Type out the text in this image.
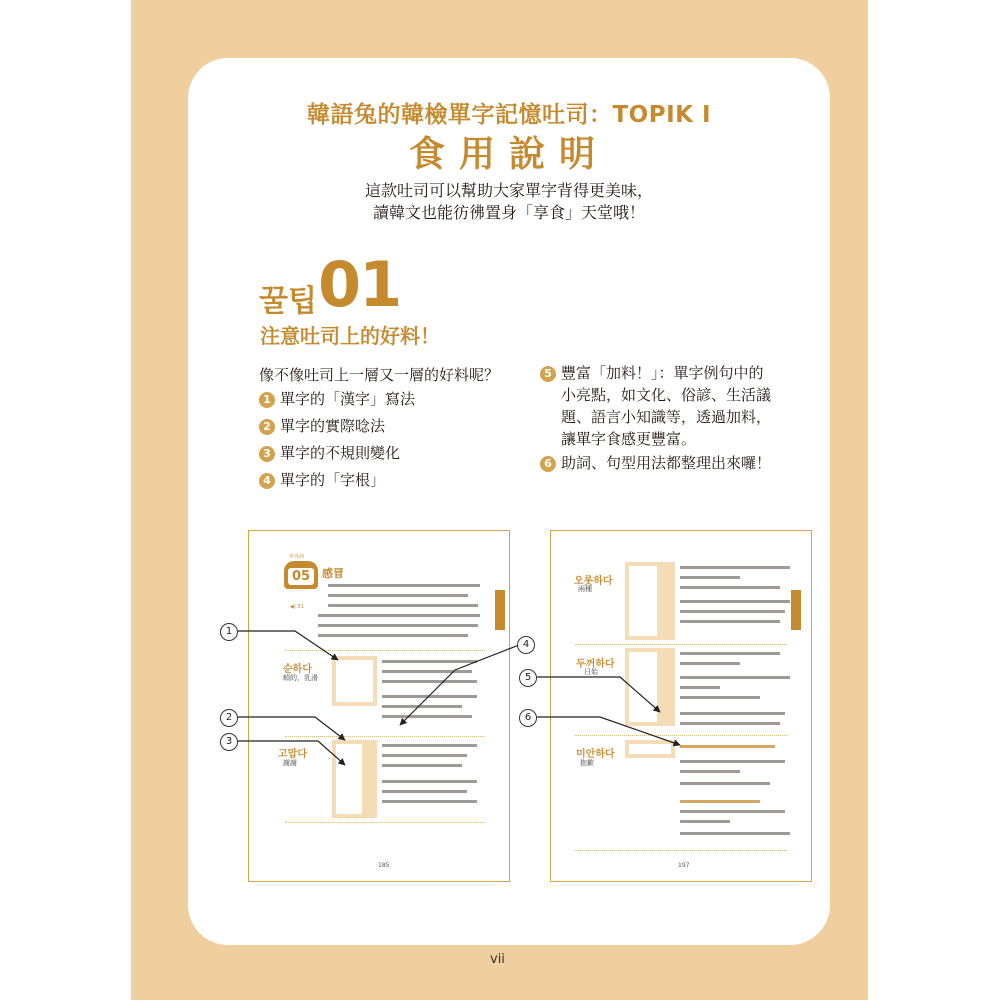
韓語兔的韓檢單字記憶吐司：TOPIK I
食用說明
這款吐司可以幫助大家單字背得更美味，
讀韓文也能彷彿置身「享食」天堂哦！
꿀팁 01
注意吐司上的好料！
像不像吐司上一層又一層的好料呢？
1 單字的「漢字」寫法
2 單字的實際唸法
3 單字的不規則變化
4 單字的「字根」
5 豐富「加料！」：單字例句中的
小亮點，如文化、俗諺、生活議
題、語言小知識等，透過加料，
讓單字食感更豐富。
6 助詞、句型用法都整理出來囉！
05
形容詞
感冒
◀) 31
순하다
順的、乳滑
고맙다
謝謝
185
오롯하다
兩種
두꺼하다
日始
미안하다
抱歉
197
1
2
3
4
5
6
vii
